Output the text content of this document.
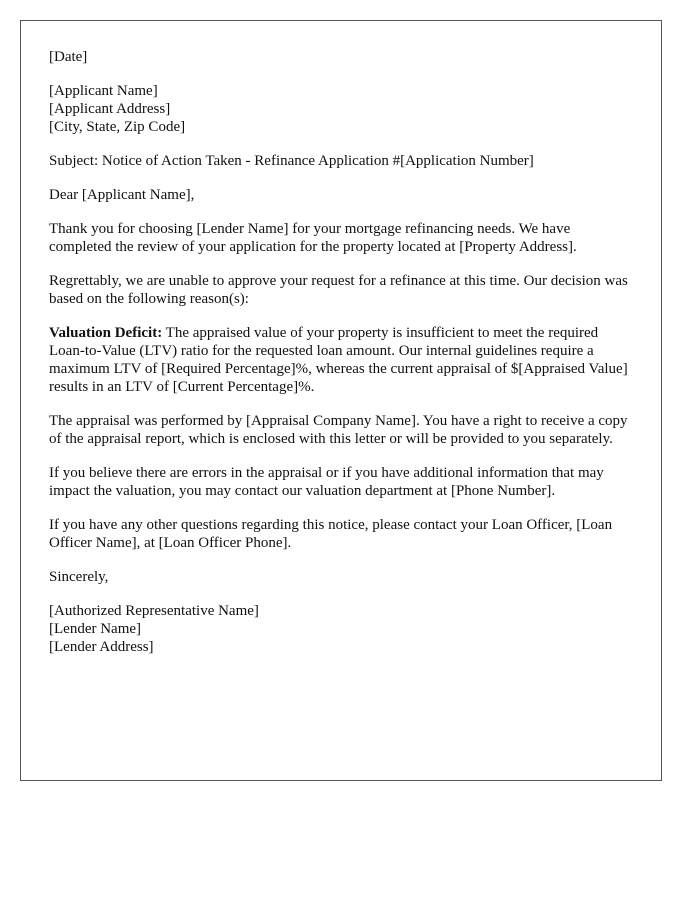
[Date]

[Applicant Name]
[Applicant Address]
[City, State, Zip Code]

Subject: Notice of Action Taken - Refinance Application #[Application Number]

Dear [Applicant Name],

Thank you for choosing [Lender Name] for your mortgage refinancing needs. We have completed the review of your application for the property located at [Property Address].

Regrettably, we are unable to approve your request for a refinance at this time. Our decision was based on the following reason(s):

Valuation Deficit: The appraised value of your property is insufficient to meet the required Loan-to-Value (LTV) ratio for the requested loan amount. Our internal guidelines require a maximum LTV of [Required Percentage]%, whereas the current appraisal of $[Appraised Value] results in an LTV of [Current Percentage]%.

The appraisal was performed by [Appraisal Company Name]. You have a right to receive a copy of the appraisal report, which is enclosed with this letter or will be provided to you separately.

If you believe there are errors in the appraisal or if you have additional information that may impact the valuation, you may contact our valuation department at [Phone Number].

If you have any other questions regarding this notice, please contact your Loan Officer, [Loan Officer Name], at [Loan Officer Phone].

Sincerely,

[Authorized Representative Name]
[Lender Name]
[Lender Address]
